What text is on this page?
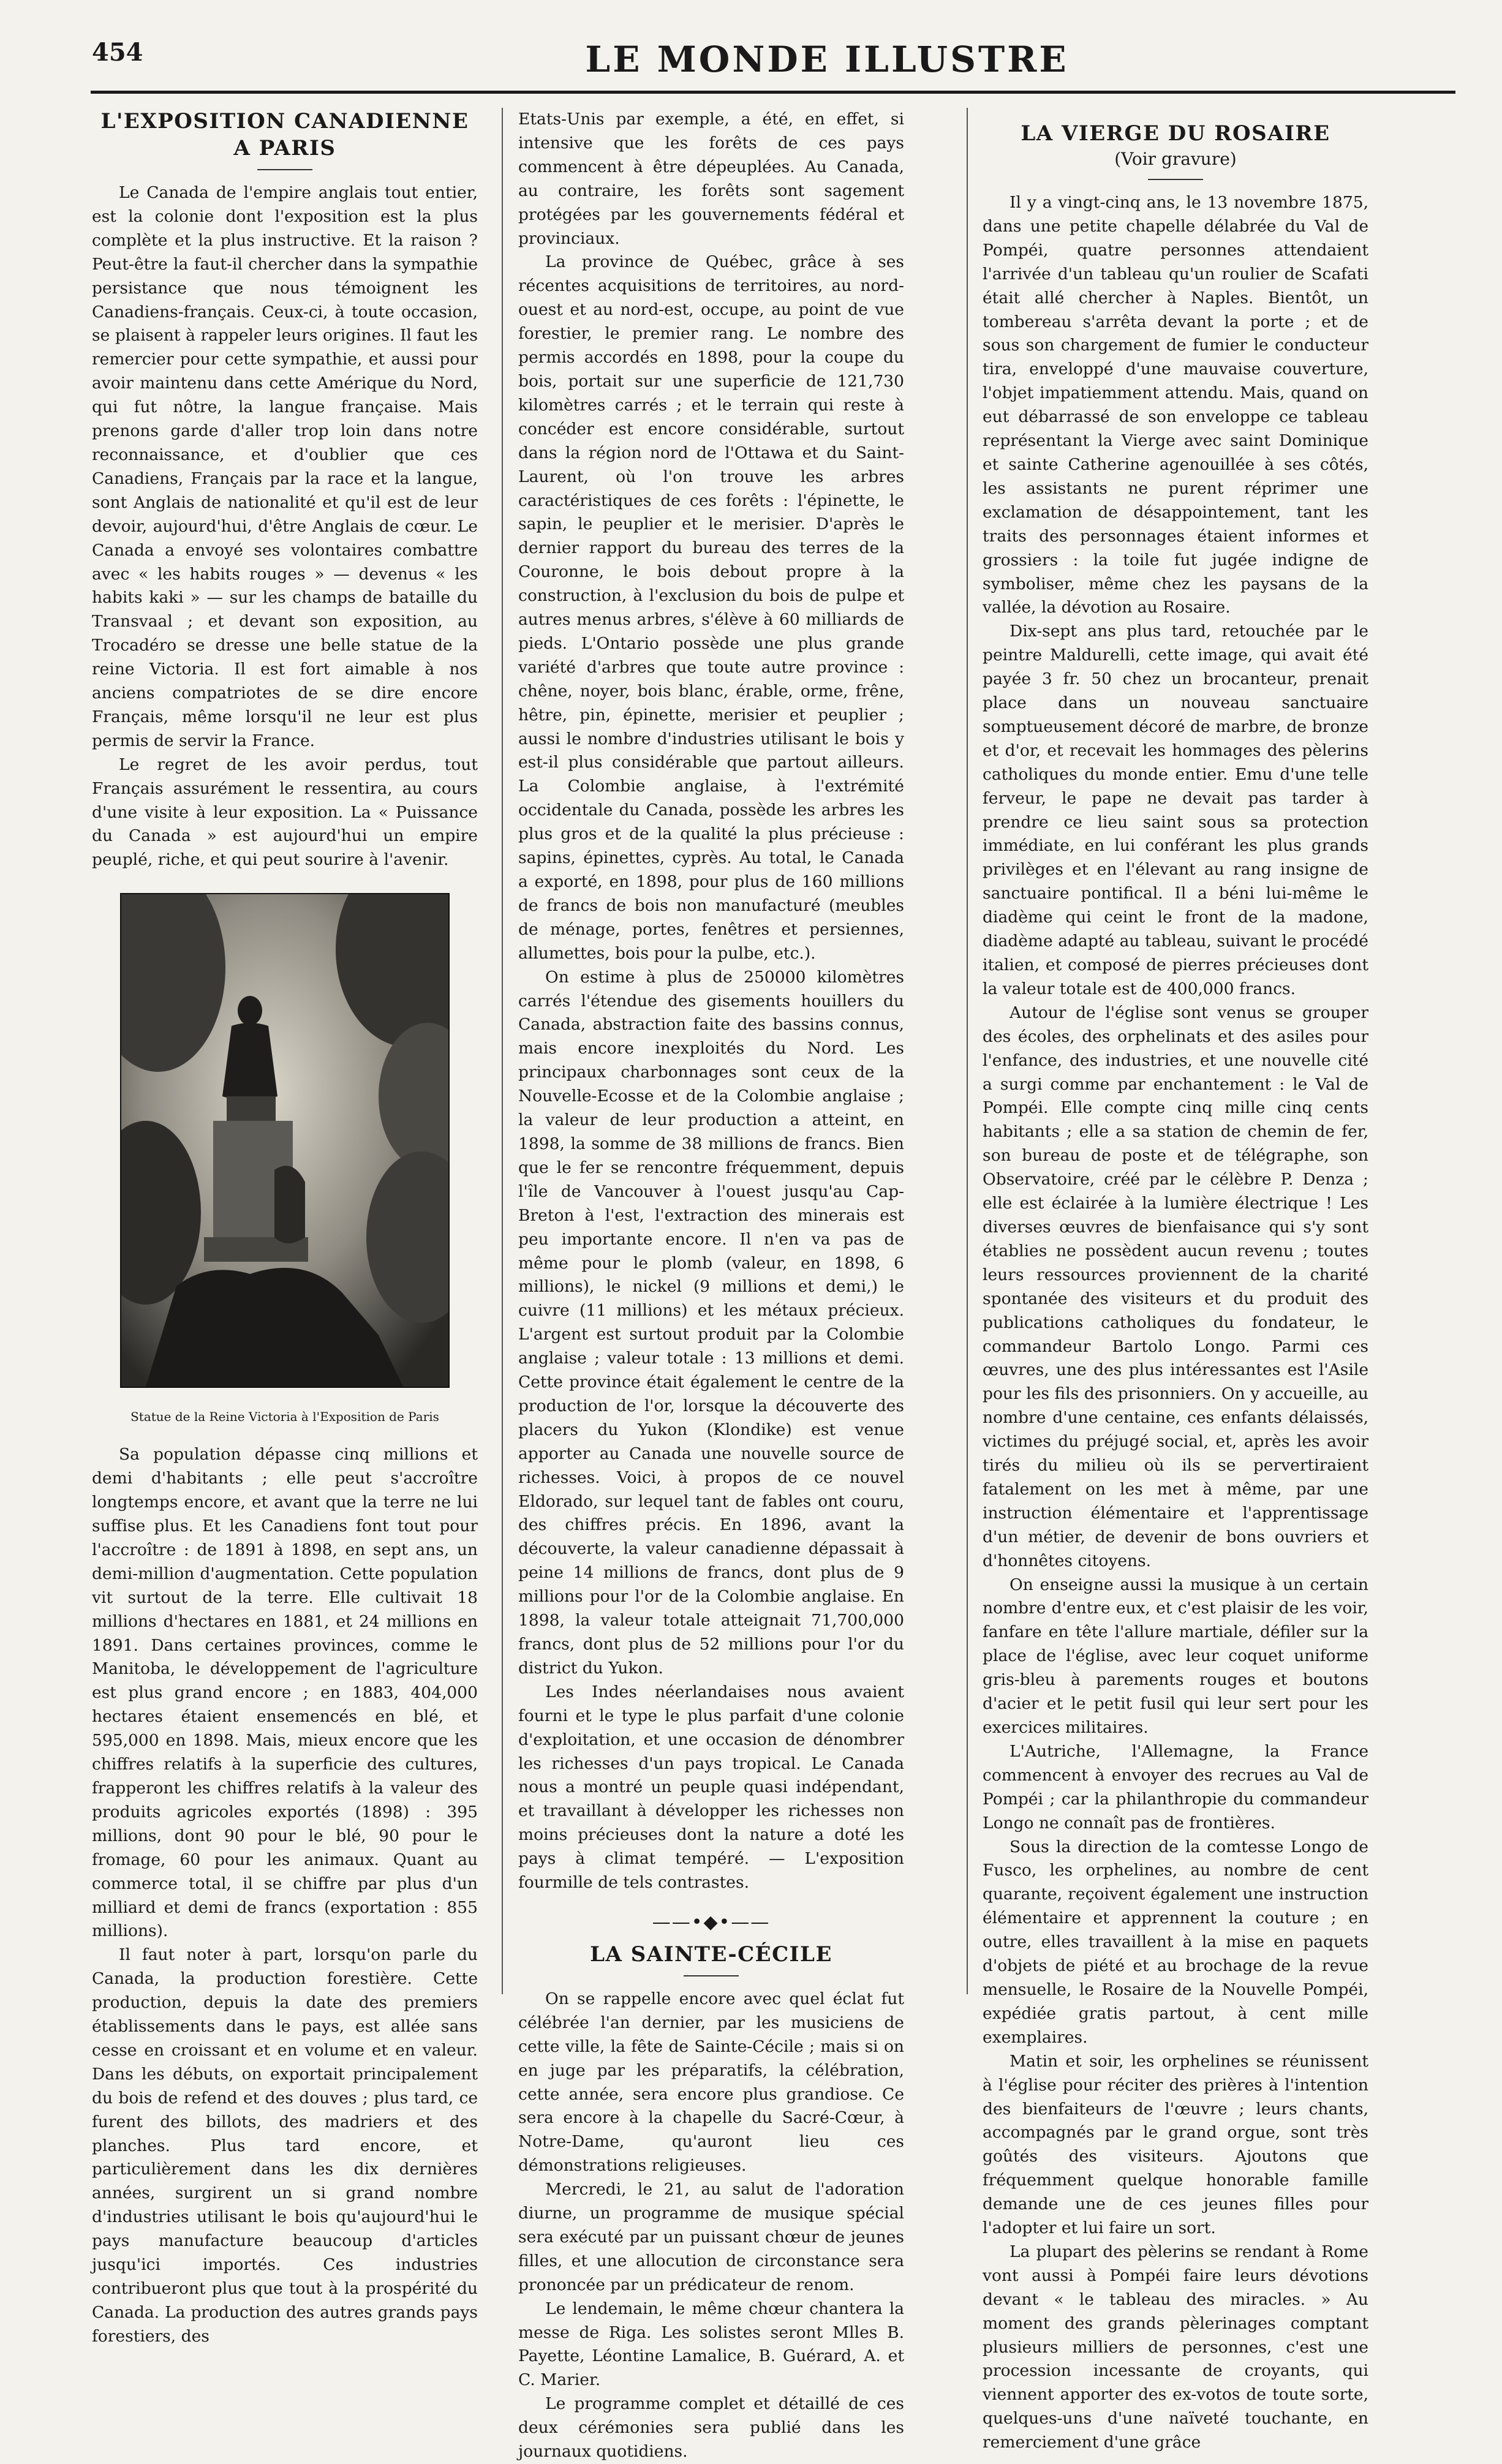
454	LE MONDE ILLUSTRE
L'EXPOSITION CANADIENNE A PARIS

Le Canada de l'empire anglais tout entier, est la colonie dont l'exposition est la plus complète et la plus instructive. Et la raison ? Peut-être la faut-il chercher dans la sympathie persistance que nous témoignent les Canadiens-français. Ceux-ci, à toute occasion, se plaisent à rappeler leurs origines. Il faut les remercier pour cette sympathie, et aussi pour avoir maintenu dans cette Amérique du Nord, qui fut nôtre, la langue française. Mais prenons garde d'aller trop loin dans notre reconnaissance, et d'oublier que ces Canadiens, Français par la race et la langue, sont Anglais de nationalité et qu'il est de leur devoir, aujourd'hui, d'être Anglais de cœur. Le Canada a envoyé ses volontaires combattre avec « les habits rouges » — devenus « les habits kaki » — sur les champs de bataille du Transvaal ; et devant son exposition, au Trocadéro se dresse une belle statue de la reine Victoria. Il est fort aimable à nos anciens compatriotes de se dire encore Français, même lorsqu'il ne leur est plus permis de servir la France.

Le regret de les avoir perdus, tout Français assurément le ressentira, au cours d'une visite à leur exposition. La « Puissance du Canada » est aujourd'hui un empire peuplé, riche, et qui peut sourire à l'avenir.

Statue de la Reine Victoria à l'Exposition de Paris

Sa population dépasse cinq millions et demi d'habitants ; elle peut s'accroître longtemps encore, et avant que la terre ne lui suffise plus. Et les Canadiens font tout pour l'accroître : de 1891 à 1898, en sept ans, un demi-million d'augmentation. Cette population vit surtout de la terre. Elle cultivait 18 millions d'hectares en 1881, et 24 millions en 1891. Dans certaines provinces, comme le Manitoba, le développement de l'agriculture est plus grand encore ; en 1883, 404,000 hectares étaient ensemencés en blé, et 595,000 en 1898. Mais, mieux encore que les chiffres relatifs à la superficie des cultures, frapperont les chiffres relatifs à la valeur des produits agricoles exportés (1898) : 395 millions, dont 90 pour le blé, 90 pour le fromage, 60 pour les animaux. Quant au commerce total, il se chiffre par plus d'un milliard et demi de francs (exportation : 855 millions).

Il faut noter à part, lorsqu'on parle du Canada, la production forestière. Cette production, depuis la date des premiers établissements dans le pays, est allée sans cesse en croissant et en volume et en valeur. Dans les débuts, on exportait principalement du bois de refend et des douves ; plus tard, ce furent des billots, des madriers et des planches. Plus tard encore, et particulièrement dans les dix dernières années, surgirent un si grand nombre d'industries utilisant le bois qu'aujourd'hui le pays manufacture beaucoup d'articles jusqu'ici importés. Ces industries contribueront plus que tout à la prospérité du Canada. La production des autres grands pays forestiers, des

Etats-Unis par exemple, a été, en effet, si intensive que les forêts de ces pays commencent à être dépeuplées. Au Canada, au contraire, les forêts sont sagement protégées par les gouvernements fédéral et provinciaux.

La province de Québec, grâce à ses récentes acquisitions de territoires, au nord-ouest et au nord-est, occupe, au point de vue forestier, le premier rang. Le nombre des permis accordés en 1898, pour la coupe du bois, portait sur une superficie de 121,730 kilomètres carrés ; et le terrain qui reste à concéder est encore considérable, surtout dans la région nord de l'Ottawa et du Saint-Laurent, où l'on trouve les arbres caractéristiques de ces forêts : l'épinette, le sapin, le peuplier et le merisier. D'après le dernier rapport du bureau des terres de la Couronne, le bois debout propre à la construction, à l'exclusion du bois de pulpe et autres menus arbres, s'élève à 60 milliards de pieds. L'Ontario possède une plus grande variété d'arbres que toute autre province : chêne, noyer, bois blanc, érable, orme, frêne, hêtre, pin, épinette, merisier et peuplier ; aussi le nombre d'industries utilisant le bois y est-il plus considérable que partout ailleurs. La Colombie anglaise, à l'extrémité occidentale du Canada, possède les arbres les plus gros et de la qualité la plus précieuse : sapins, épinettes, cyprès. Au total, le Canada a exporté, en 1898, pour plus de 160 millions de francs de bois non manufacturé (meubles de ménage, portes, fenêtres et persiennes, allumettes, bois pour la pulbe, etc.).

On estime à plus de 250000 kilomètres carrés l'étendue des gisements houillers du Canada, abstraction faite des bassins connus, mais encore inexploités du Nord. Les principaux charbonnages sont ceux de la Nouvelle-Ecosse et de la Colombie anglaise ; la valeur de leur production a atteint, en 1898, la somme de 38 millions de francs. Bien que le fer se rencontre fréquemment, depuis l'île de Vancouver à l'ouest jusqu'au Cap-Breton à l'est, l'extraction des minerais est peu importante encore. Il n'en va pas de même pour le plomb (valeur, en 1898, 6 millions), le nickel (9 millions et demi,) le cuivre (11 millions) et les métaux précieux. L'argent est surtout produit par la Colombie anglaise ; valeur totale : 13 millions et demi. Cette province était également le centre de la production de l'or, lorsque la découverte des placers du Yukon (Klondike) est venue apporter au Canada une nouvelle source de richesses. Voici, à propos de ce nouvel Eldorado, sur lequel tant de fables ont couru, des chiffres précis. En 1896, avant la découverte, la valeur canadienne dépassait à peine 14 millions de francs, dont plus de 9 millions pour l'or de la Colombie anglaise. En 1898, la valeur totale atteignait 71,700,000 francs, dont plus de 52 millions pour l'or du district du Yukon.

Les Indes néerlandaises nous avaient fourni et le type le plus parfait d'une colonie d'exploitation, et une occasion de dénombrer les richesses d'un pays tropical. Le Canada nous a montré un peuple quasi indépendant, et travaillant à développer les richesses non moins précieuses dont la nature a doté les pays à climat tempéré. — L'exposition fourmille de tels contrastes.

——•◆•——
LA SAINTE-CÉCILE

On se rappelle encore avec quel éclat fut célébrée l'an dernier, par les musiciens de cette ville, la fête de Sainte-Cécile ; mais si on en juge par les préparatifs, la célébration, cette année, sera encore plus grandiose. Ce sera encore à la chapelle du Sacré-Cœur, à Notre-Dame, qu'auront lieu ces démonstrations religieuses.

Mercredi, le 21, au salut de l'adoration diurne, un programme de musique spécial sera exécuté par un puissant chœur de jeunes filles, et une allocution de circonstance sera prononcée par un prédicateur de renom.

Le lendemain, le même chœur chantera la messe de Riga. Les solistes seront Mlles B. Payette, Léontine Lamalice, B. Guérard, A. et C. Marier.

Le programme complet et détaillé de ces deux cérémonies sera publié dans les journaux quotidiens.

LA VIERGE DU ROSAIRE
(Voir gravure)

Il y a vingt-cinq ans, le 13 novembre 1875, dans une petite chapelle délabrée du Val de Pompéi, quatre personnes attendaient l'arrivée d'un tableau qu'un roulier de Scafati était allé chercher à Naples. Bientôt, un tombereau s'arrêta devant la porte ; et de sous son chargement de fumier le conducteur tira, enveloppé d'une mauvaise couverture, l'objet impatiemment attendu. Mais, quand on eut débarrassé de son enveloppe ce tableau représentant la Vierge avec saint Dominique et sainte Catherine agenouillée à ses côtés, les assistants ne purent réprimer une exclamation de désappointement, tant les traits des personnages étaient informes et grossiers : la toile fut jugée indigne de symboliser, même chez les paysans de la vallée, la dévotion au Rosaire.

Dix-sept ans plus tard, retouchée par le peintre Maldurelli, cette image, qui avait été payée 3 fr. 50 chez un brocanteur, prenait place dans un nouveau sanctuaire somptueusement décoré de marbre, de bronze et d'or, et recevait les hommages des pèlerins catholiques du monde entier. Emu d'une telle ferveur, le pape ne devait pas tarder à prendre ce lieu saint sous sa protection immédiate, en lui conférant les plus grands privilèges et en l'élevant au rang insigne de sanctuaire pontifical. Il a béni lui-même le diadème qui ceint le front de la madone, diadème adapté au tableau, suivant le procédé italien, et composé de pierres précieuses dont la valeur totale est de 400,000 francs.

Autour de l'église sont venus se grouper des écoles, des orphelinats et des asiles pour l'enfance, des industries, et une nouvelle cité a surgi comme par enchantement : le Val de Pompéi. Elle compte cinq mille cinq cents habitants ; elle a sa station de chemin de fer, son bureau de poste et de télégraphe, son Observatoire, créé par le célèbre P. Denza ; elle est éclairée à la lumière électrique ! Les diverses œuvres de bienfaisance qui s'y sont établies ne possèdent aucun revenu ; toutes leurs ressources proviennent de la charité spontanée des visiteurs et du produit des publications catholiques du fondateur, le commandeur Bartolo Longo. Parmi ces œuvres, une des plus intéressantes est l'Asile pour les fils des prisonniers. On y accueille, au nombre d'une centaine, ces enfants délaissés, victimes du préjugé social, et, après les avoir tirés du milieu où ils se pervertiraient fatalement on les met à même, par une instruction élémentaire et l'apprentissage d'un métier, de devenir de bons ouvriers et d'honnêtes citoyens.

On enseigne aussi la musique à un certain nombre d'entre eux, et c'est plaisir de les voir, fanfare en tête l'allure martiale, défiler sur la place de l'église, avec leur coquet uniforme gris-bleu à parements rouges et boutons d'acier et le petit fusil qui leur sert pour les exercices militaires.

L'Autriche, l'Allemagne, la France commencent à envoyer des recrues au Val de Pompéi ; car la philanthropie du commandeur Longo ne connaît pas de frontières.

Sous la direction de la comtesse Longo de Fusco, les orphelines, au nombre de cent quarante, reçoivent également une instruction élémentaire et apprennent la couture ; en outre, elles travaillent à la mise en paquets d'objets de piété et au brochage de la revue mensuelle, le Rosaire de la Nouvelle Pompéi, expédiée gratis partout, à cent mille exemplaires.

Matin et soir, les orphelines se réunissent à l'église pour réciter des prières à l'intention des bienfaiteurs de l'œuvre ; leurs chants, accompagnés par le grand orgue, sont très goûtés des visiteurs. Ajoutons que fréquemment quelque honorable famille demande une de ces jeunes filles pour l'adopter et lui faire un sort.

La plupart des pèlerins se rendant à Rome vont aussi à Pompéi faire leurs dévotions devant « le tableau des miracles. » Au moment des grands pèlerinages comptant plusieurs milliers de personnes, c'est une procession incessante de croyants, qui viennent apporter des ex-votos de toute sorte, quelques-uns d'une naïveté touchante, en remerciement d'une grâce
